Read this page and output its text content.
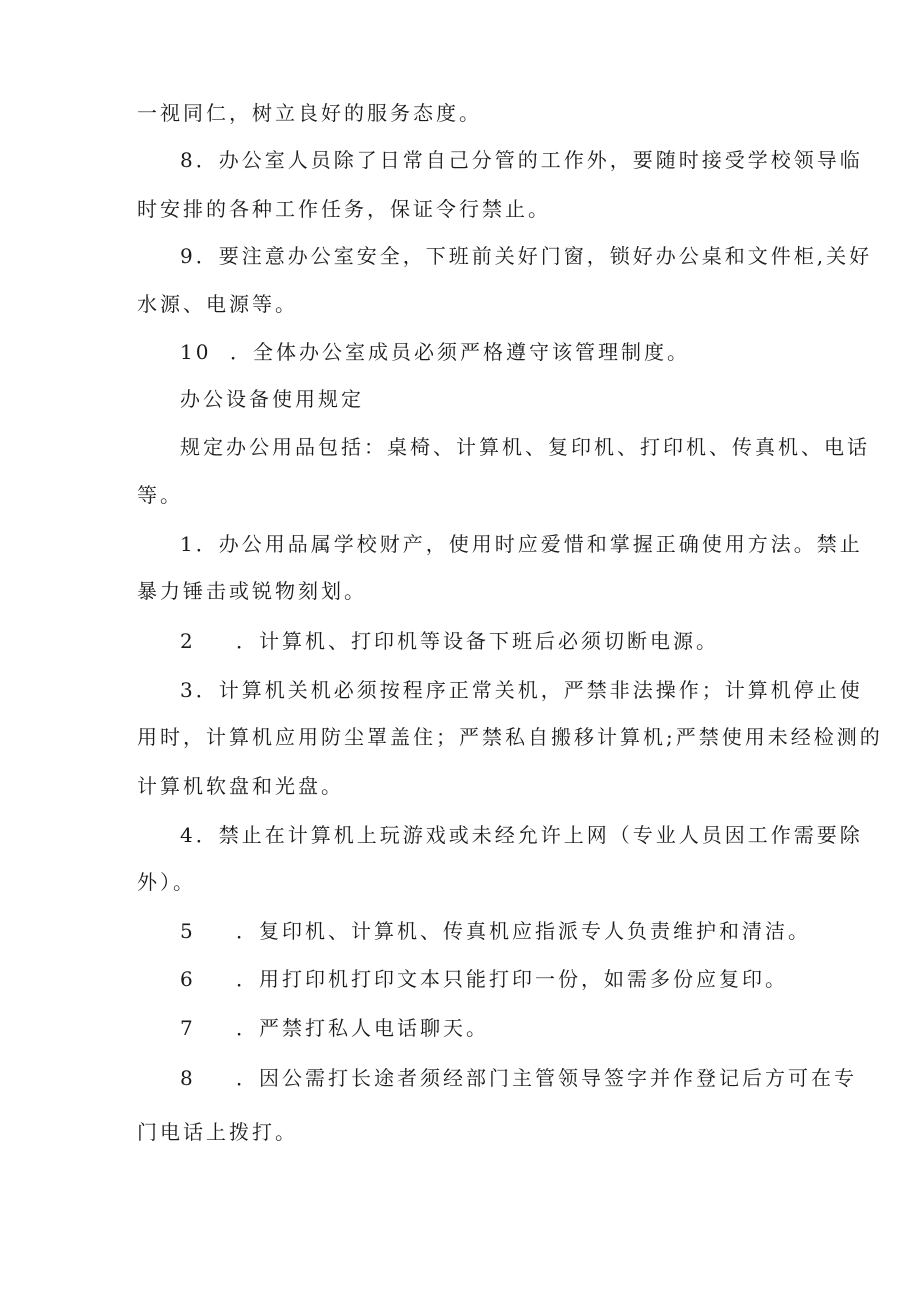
一视同仁，树立良好的服务态度。
8．办公室人员除了日常自己分管的工作外，要随时接受学校领导临
时安排的各种工作任务，保证令行禁止。
9．要注意办公室安全，下班前关好门窗，锁好办公桌和文件柜,关好
水源、电源等。
10 ．全体办公室成员必须严格遵守该管理制度。
办公设备使用规定
规定办公用品包括：桌椅、计算机、复印机、打印机、传真机、电话
等。
1．办公用品属学校财产，使用时应爱惜和掌握正确使用方法。禁止
暴力锤击或锐物刻划。
2 ．计算机、打印机等设备下班后必须切断电源。
3．计算机关机必须按程序正常关机，严禁非法操作；计算机停止使
用时，计算机应用防尘罩盖住；严禁私自搬移计算机;严禁使用未经检测的
计算机软盘和光盘。
4．禁止在计算机上玩游戏或未经允许上网（专业人员因工作需要除
外）。
5 ．复印机、计算机、传真机应指派专人负责维护和清洁。
6 ．用打印机打印文本只能打印一份，如需多份应复印。
7 ．严禁打私人电话聊天。
8 ．因公需打长途者须经部门主管领导签字并作登记后方可在专
门电话上拨打。
